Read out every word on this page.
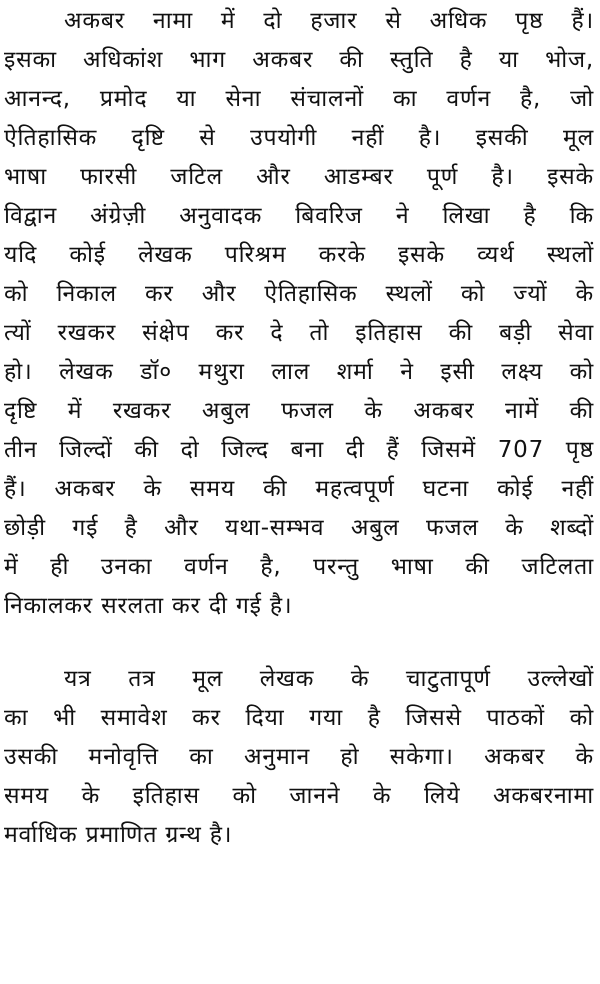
अकबर नामा में दो हजार से अधिक पृष्ठ हैं।
इसका अधिकांश भाग अकबर की स्तुति है या भोज,
आनन्द, प्रमोद या सेना संचालनों का वर्णन है, जो
ऐतिहासिक दृष्टि से उपयोगी नहीं है। इसकी मूल
भाषा फारसी जटिल और आडम्बर पूर्ण है। इसके
विद्वान अंग्रेज़ी अनुवादक बिवरिज ने लिखा है कि
यदि कोई लेखक परिश्रम करके इसके व्यर्थ स्थलों
को निकाल कर और ऐतिहासिक स्थलों को ज्यों के
त्यों रखकर संक्षेप कर दे तो इतिहास की बड़ी सेवा
हो। लेखक डॉ० मथुरा लाल शर्मा ने इसी लक्ष्य को
दृष्टि में रखकर अबुल फजल के अकबर नामें की
तीन जिल्दों की दो जिल्द बना दी हैं जिसमें 707 पृष्ठ
हैं। अकबर के समय की महत्वपूर्ण घटना कोई नहीं
छोड़ी गई है और यथा-सम्भव अबुल फजल के शब्दों
में ही उनका वर्णन है, परन्तु भाषा की जटिलता
निकालकर सरलता कर दी गई है।
यत्र तत्र मूल लेखक के चाटुतापूर्ण उल्लेखों
का भी समावेश कर दिया गया है जिससे पाठकों को
उसकी मनोवृत्ति का अनुमान हो सकेगा। अकबर के
समय के इतिहास को जानने के लिये अकबरनामा
मर्वाधिक प्रमाणित ग्रन्थ है।
